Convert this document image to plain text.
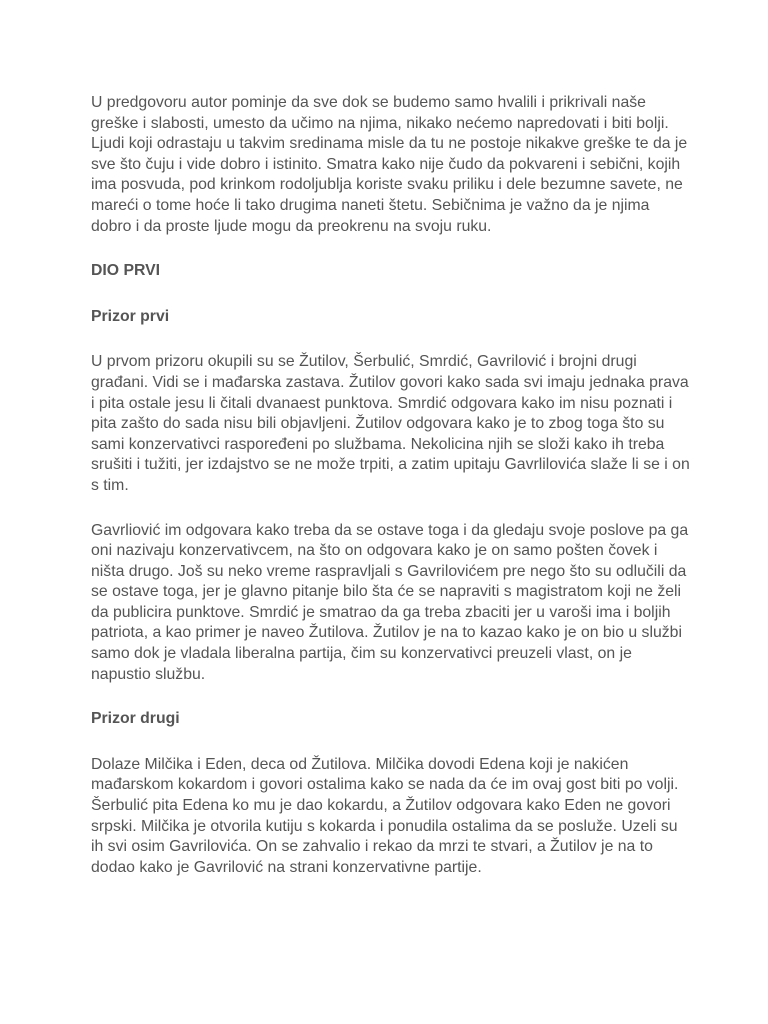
U predgovoru autor pominje da sve dok se budemo samo hvalili i prikrivali naše greške i slabosti, umesto da učimo na njima, nikako nećemo napredovati i biti bolji. Ljudi koji odrastaju u takvim sredinama misle da tu ne postoje nikakve greške te da je sve što čuju i vide dobro i istinito. Smatra kako nije čudo da pokvareni i sebični, kojih ima posvuda, pod krinkom rodoljublja koriste svaku priliku i dele bezumne savete, ne mareći o tome hoće li tako drugima naneti štetu. Sebičnima je važno da je njima dobro i da proste ljude mogu da preokrenu na svoju ruku.

DIO PRVI
Prizor prvi

U prvom prizoru okupili su se Žutilov, Šerbulić, Smrdić, Gavrilović i brojni drugi građani. Vidi se i mađarska zastava. Žutilov govori kako sada svi imaju jednaka prava i pita ostale jesu li čitali dvanaest punktova. Smrdić odgovara kako im nisu poznati i pita zašto do sada nisu bili objavljeni. Žutilov odgovara kako je to zbog toga što su sami konzervativci raspoređeni po službama. Nekolicina njih se složi kako ih treba srušiti i tužiti, jer izdajstvo se ne može trpiti, a zatim upitaju Gavrlilovića slaže li se i on s tim.

Gavrliović im odgovara kako treba da se ostave toga i da gledaju svoje poslove pa ga oni nazivaju konzervativcem, na što on odgovara kako je on samo pošten čovek i ništa drugo. Još su neko vreme raspravljali s Gavrilovićem pre nego što su odlučili da se ostave toga, jer je glavno pitanje bilo šta će se napraviti s magistratom koji ne želi da publicira punktove. Smrdić je smatrao da ga treba zbaciti jer u varoši ima i boljih patriota, a kao primer je naveo Žutilova. Žutilov je na to kazao kako je on bio u službi samo dok je vladala liberalna partija, čim su konzervativci preuzeli vlast, on je napustio službu.

Prizor drugi

Dolaze Milčika i Eden, deca od Žutilova. Milčika dovodi Edena koji je nakićen mađarskom kokardom i govori ostalima kako se nada da će im ovaj gost biti po volji. Šerbulić pita Edena ko mu je dao kokardu, a Žutilov odgovara kako Eden ne govori srpski. Milčika je otvorila kutiju s kokarda i ponudila ostalima da se posluže. Uzeli su ih svi osim Gavrilovića. On se zahvalio i rekao da mrzi te stvari, a Žutilov je na to dodao kako je Gavrilović na strani konzervativne partije.
